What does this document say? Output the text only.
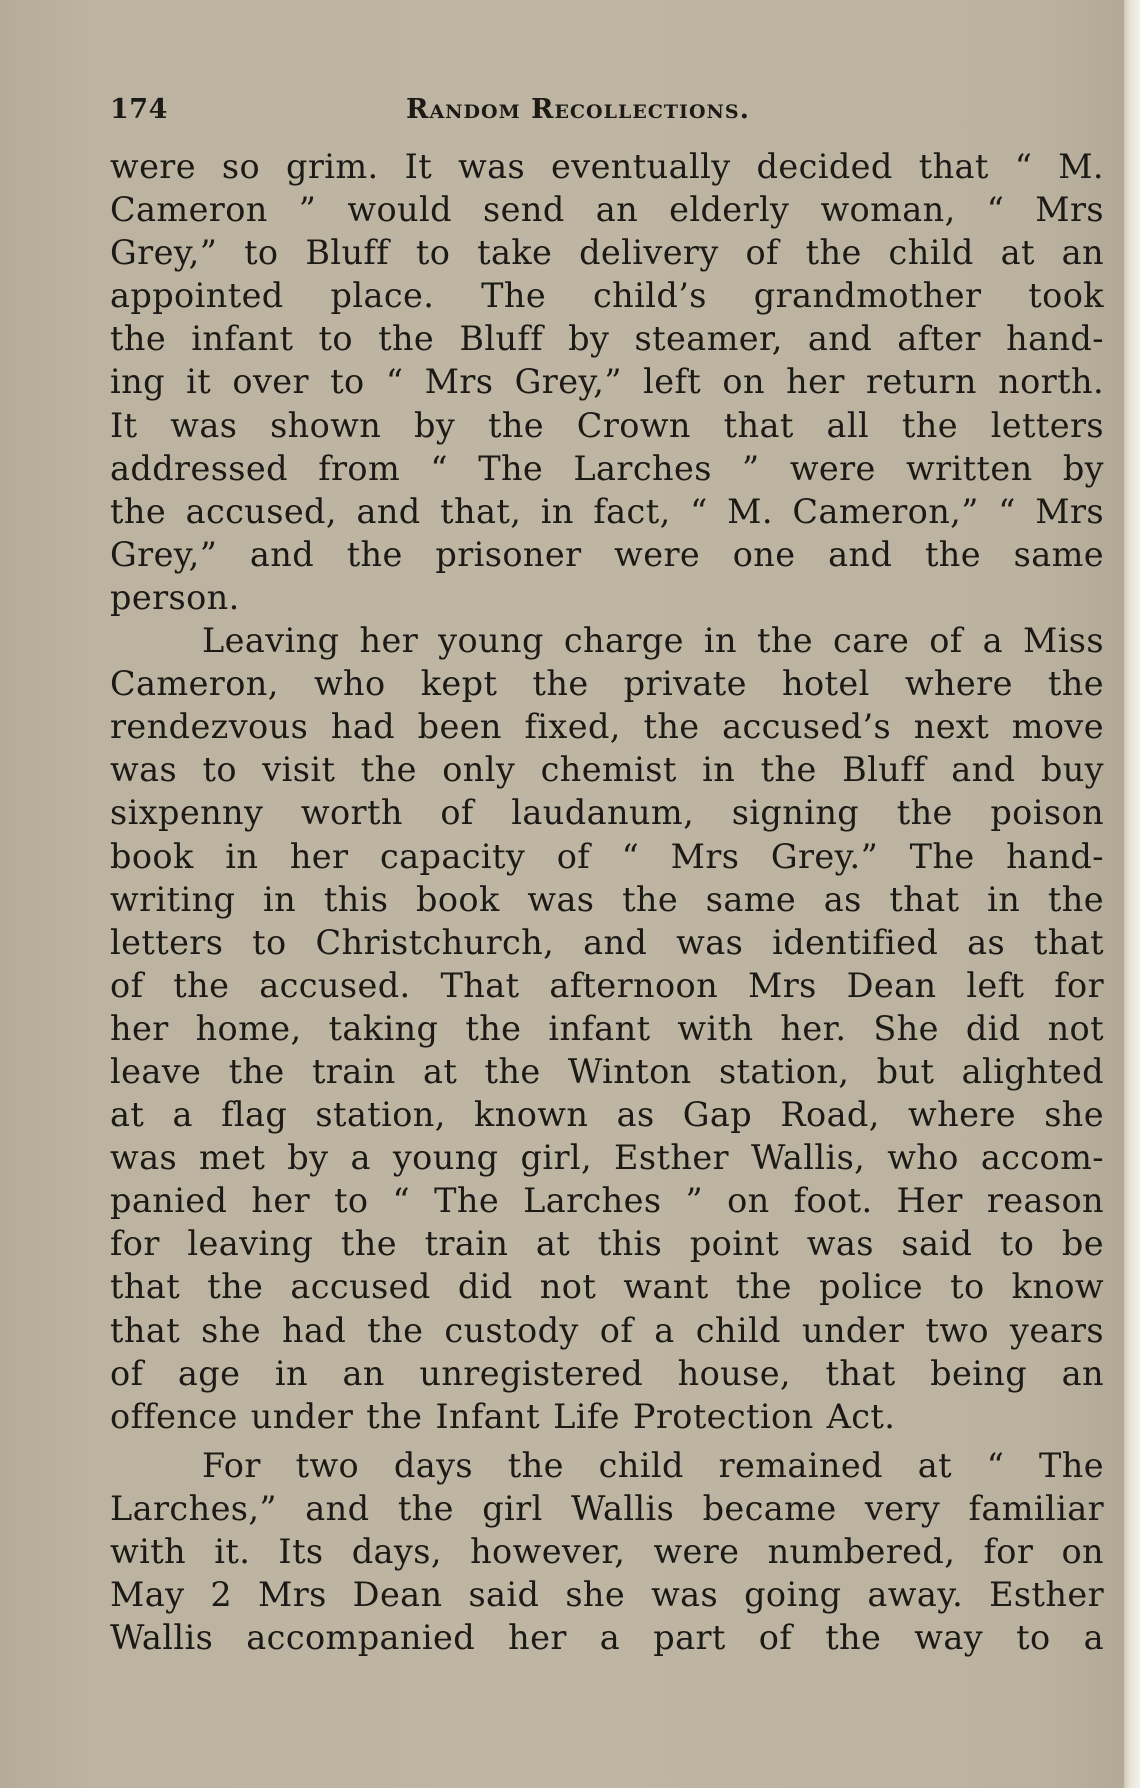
174	Random Recollections.
were so grim. It was eventually decided that “ M.
Cameron ” would send an elderly woman, “ Mrs
Grey,” to Bluff to take delivery of the child at an
appointed place. The child’s grandmother took
the infant to the Bluff by steamer, and after hand-
ing it over to “ Mrs Grey,” left on her return north.
It was shown by the Crown that all the letters
addressed from “ The Larches ” were written by
the accused, and that, in fact, “ M. Cameron,” “ Mrs
Grey,” and the prisoner were one and the same
person.
Leaving her young charge in the care of a Miss
Cameron, who kept the private hotel where the
rendezvous had been fixed, the accused’s next move
was to visit the only chemist in the Bluff and buy
sixpenny worth of laudanum, signing the poison
book in her capacity of “ Mrs Grey.” The hand-
writing in this book was the same as that in the
letters to Christchurch, and was identified as that
of the accused. That afternoon Mrs Dean left for
her home, taking the infant with her. She did not
leave the train at the Winton station, but alighted
at a flag station, known as Gap Road, where she
was met by a young girl, Esther Wallis, who accom-
panied her to “ The Larches ” on foot. Her reason
for leaving the train at this point was said to be
that the accused did not want the police to know
that she had the custody of a child under two years
of age in an unregistered house, that being an
offence under the Infant Life Protection Act.
For two days the child remained at “ The
Larches,” and the girl Wallis became very familiar
with it. Its days, however, were numbered, for on
May 2 Mrs Dean said she was going away. Esther
Wallis accompanied her a part of the way to a
